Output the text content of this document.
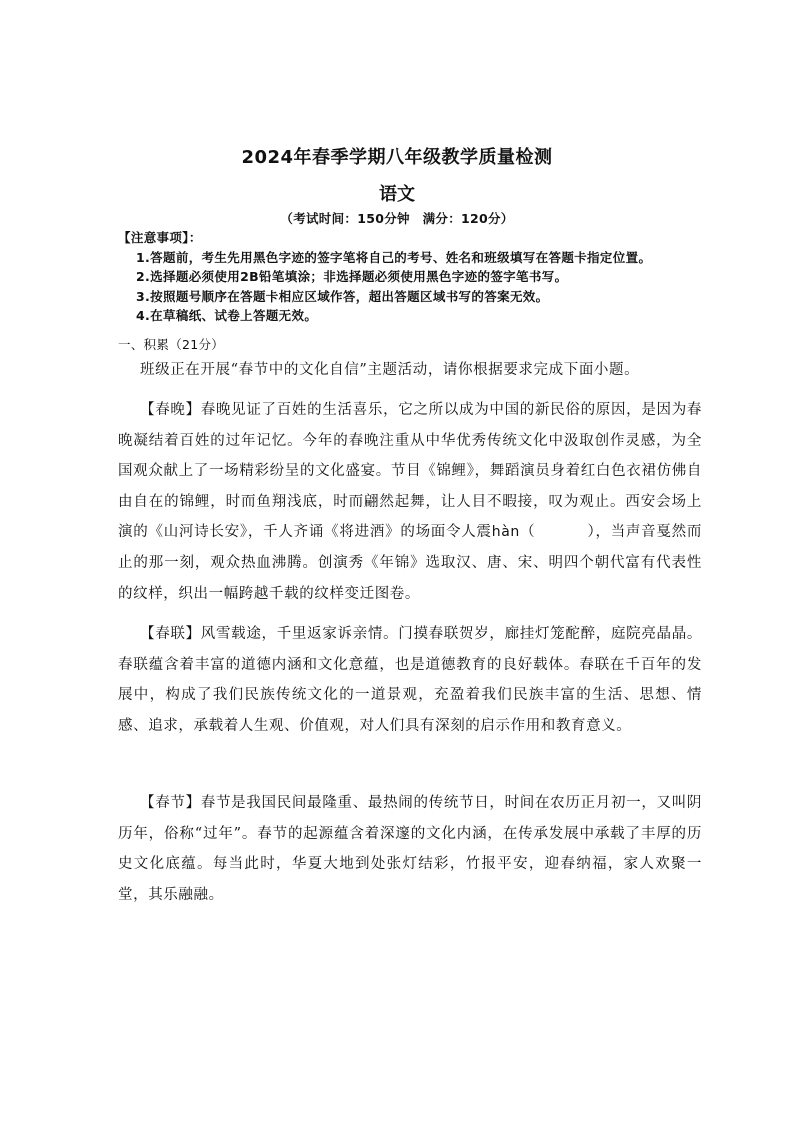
2024年春季学期八年级教学质量检测
语文
（考试时间：150分钟　满分：120分）

【注意事项】：

1.答题前，考生先用黑色字迹的签字笔将自己的考号、姓名和班级填写在答题卡指定位置。

2.选择题必须使用2B铅笔填涂；非选择题必须使用黑色字迹的签字笔书写。

3.按照题号顺序在答题卡相应区域作答，超出答题区域书写的答案无效。

4.在草稿纸、试卷上答题无效。

一、积累（21分）

班级正在开展“春节中的文化自信”主题活动，请你根据要求完成下面小题。

【春晚】春晚见证了百姓的生活喜乐，它之所以成为中国的新民俗的原因，是因为春晚凝结着百姓的过年记忆。今年的春晚注重从中华优秀传统文化中汲取创作灵感，为全国观众献上了一场精彩纷呈的文化盛宴。节目《锦鲤》，舞蹈演员身着红白色衣裙仿佛自由自在的锦鲤，时而鱼翔浅底，时而翩然起舞，让人目不暇接，叹为观止。西安会场上演的《山河诗长安》，千人齐诵《将进酒》的场面令人震hàn（	），当声音戛然而止的那一刻，观众热血沸腾。创演秀《年锦》选取汉、唐、宋、明四个朝代富有代表性的纹样，织出一幅跨越千载的纹样变迁图卷。

【春联】风雪载途，千里返家诉亲情。门摸春联贺岁，廊挂灯笼酡醉，庭院亮晶晶。春联蕴含着丰富的道德内涵和文化意蕴，也是道德教育的良好载体。春联在千百年的发展中，构成了我们民族传统文化的一道景观，充盈着我们民族丰富的生活、思想、情感、追求，承载着人生观、价值观，对人们具有深刻的启示作用和教育意义。

【春节】春节是我国民间最隆重、最热闹的传统节日，时间在农历正月初一，又叫阴历年，俗称“过年”。春节的起源蕴含着深邃的文化内涵，在传承发展中承载了丰厚的历史文化底蕴。每当此时，华夏大地到处张灯结彩，竹报平安，迎春纳福，家人欢聚一堂，其乐融融。
